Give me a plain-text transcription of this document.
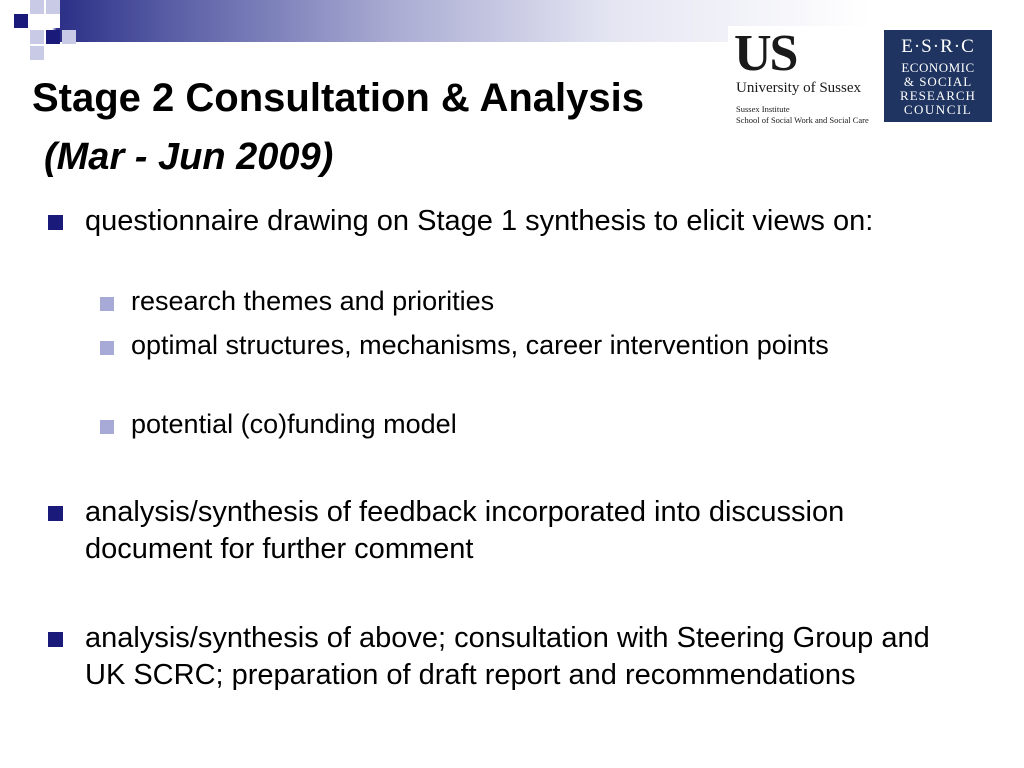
Stage 2 Consultation & Analysis
(Mar - Jun 2009)
US
University of Sussex
Sussex Institute
School of Social Work and Social Care
E·S·R·C
ECONOMIC
& SOCIAL
RESEARCH
COUNCIL
questionnaire drawing on Stage 1 synthesis to elicit views on:
research themes and priorities
optimal structures, mechanisms, career intervention points
potential (co)funding model
analysis/synthesis of feedback incorporated into discussion document for further comment
analysis/synthesis of above; consultation with Steering Group and UK SCRC; preparation of draft report and recommendations
